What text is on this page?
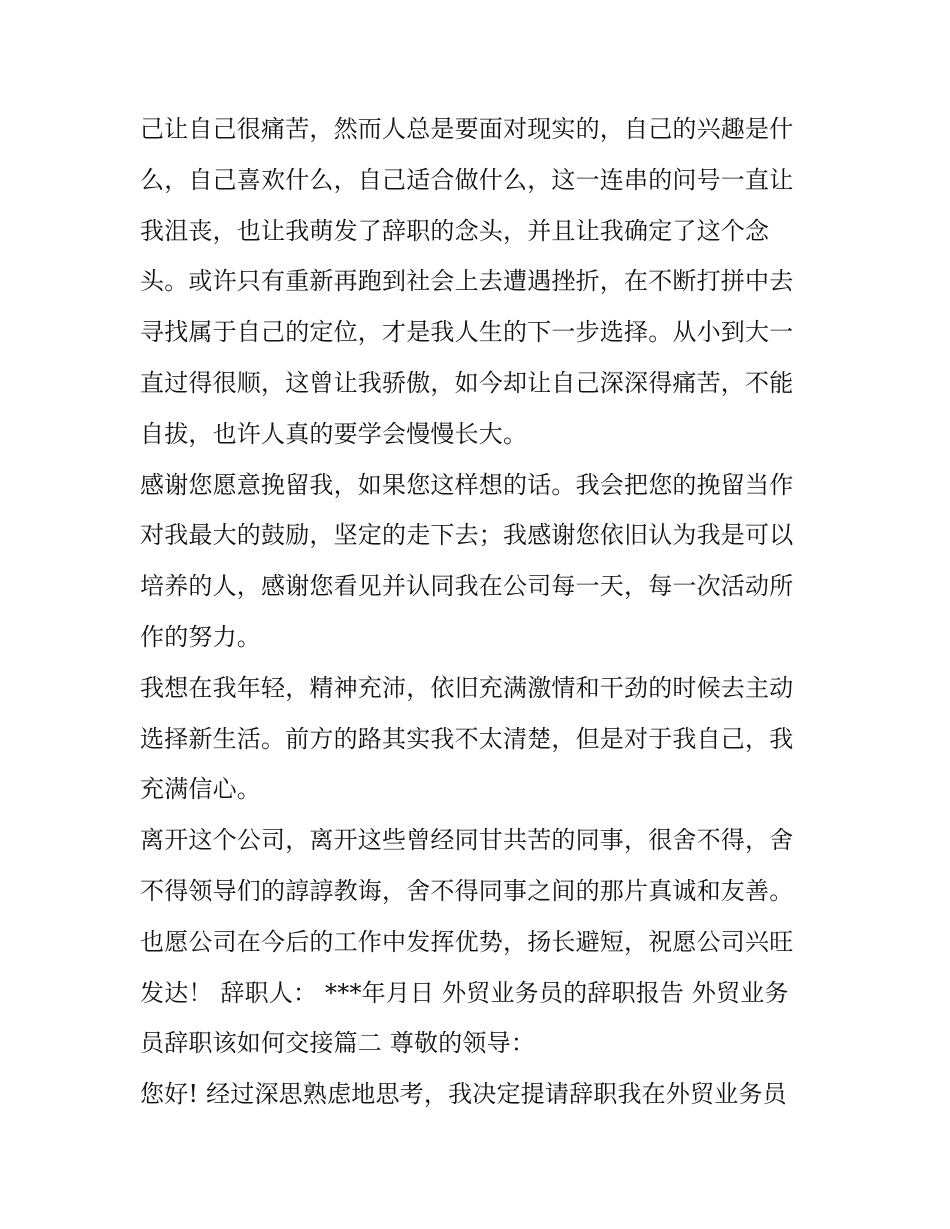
己让自己很痛苦，然而人总是要面对现实的，自己的兴趣是什
么，自己喜欢什么，自己适合做什么，这一连串的问号一直让
我沮丧，也让我萌发了辞职的念头，并且让我确定了这个念
头。或许只有重新再跑到社会上去遭遇挫折，在不断打拼中去
寻找属于自己的定位，才是我人生的下一步选择。从小到大一
直过得很顺，这曾让我骄傲，如今却让自己深深得痛苦，不能
自拔，也许人真的要学会慢慢长大。
感谢您愿意挽留我，如果您这样想的话。我会把您的挽留当作
对我最大的鼓励，坚定的走下去；我感谢您依旧认为我是可以
培养的人，感谢您看见并认同我在公司每一天，每一次活动所
作的努力。
我想在我年轻，精神充沛，依旧充满激情和干劲的时候去主动
选择新生活。前方的路其实我不太清楚，但是对于我自己，我
充满信心。
离开这个公司，离开这些曾经同甘共苦的同事，很舍不得，舍
不得领导们的諄諄教诲，舍不得同事之间的那片真诚和友善。
也愿公司在今后的工作中发挥优势，扬长避短，祝愿公司兴旺
发达！ 辞职人： ***年月日 外贸业务员的辞职报告 外贸业务
员辞职该如何交接篇二 尊敬的领导：
您好! 经过深思熟虑地思考，我决定提请辞职我在外贸业务员
